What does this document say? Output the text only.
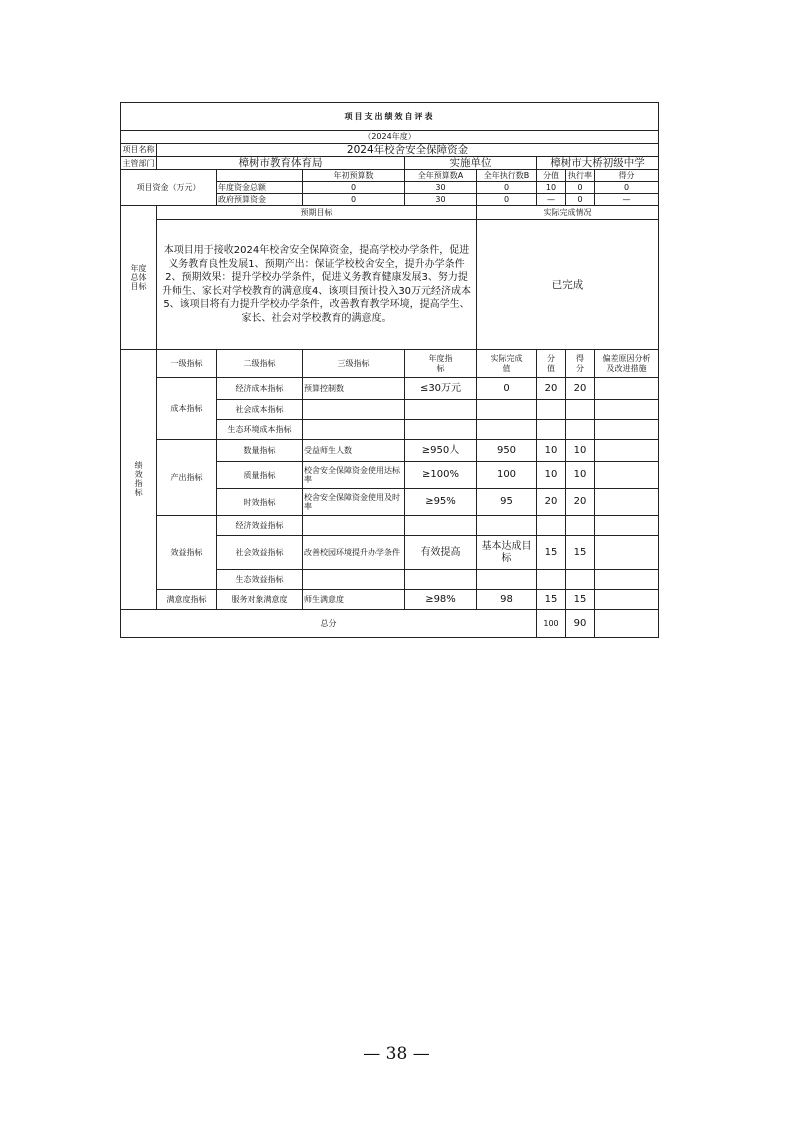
项目支出绩效自评表								
（2024年度）								
项目名称	2024年校舍安全保障资金							
主管部门	樟树市教育体育局			实施单位		樟树市大桥初级中学		
项目资金（万元）			年初预算数	全年预算数A	全年执行数B	分值	执行率	得分
		年度资金总额	0	30	0	10	0	0
		政府预算资金	0	30	0	—	0	—
年度总体目标	预期目标				实际完成情况			
	本项目用于接收2024年校舍安全保障资金，提高学校办学条件，促进义务教育良性发展1、预期产出：保证学校校舍安全，提升办学条件2、预期效果：提升学校办学条件，促进义务教育健康发展3、努力提升师生、家长对学校教育的满意度4、该项目预计投入30万元经济成本5、该项目将有力提升学校办学条件，改善教育教学环境，提高学生、家长、社会对学校教育的满意度。				已完成			
绩效指标	一级指标	二级指标	三级指标	年度指标	实际完成值	分值	得分	偏差原因分析及改进措施
	成本指标	经济成本指标	预算控制数	≤30万元	0	20	20	
		社会成本指标						
		生态环境成本指标						
	产出指标	数量指标	受益师生人数	≥950人	950	10	10	
		质量指标	校舍安全保障资金使用达标率	≥100%	100	10	10	
		时效指标	校舍安全保障资金使用及时率	≥95%	95	20	20	
	效益指标	经济效益指标						
		社会效益指标	改善校园环境提升办学条件	有效提高	基本达成目标	15	15	
		生态效益指标						
	满意度指标	服务对象满意度	师生满意度	≥98%	98	15	15	
总分						100	90	
— 38 —
